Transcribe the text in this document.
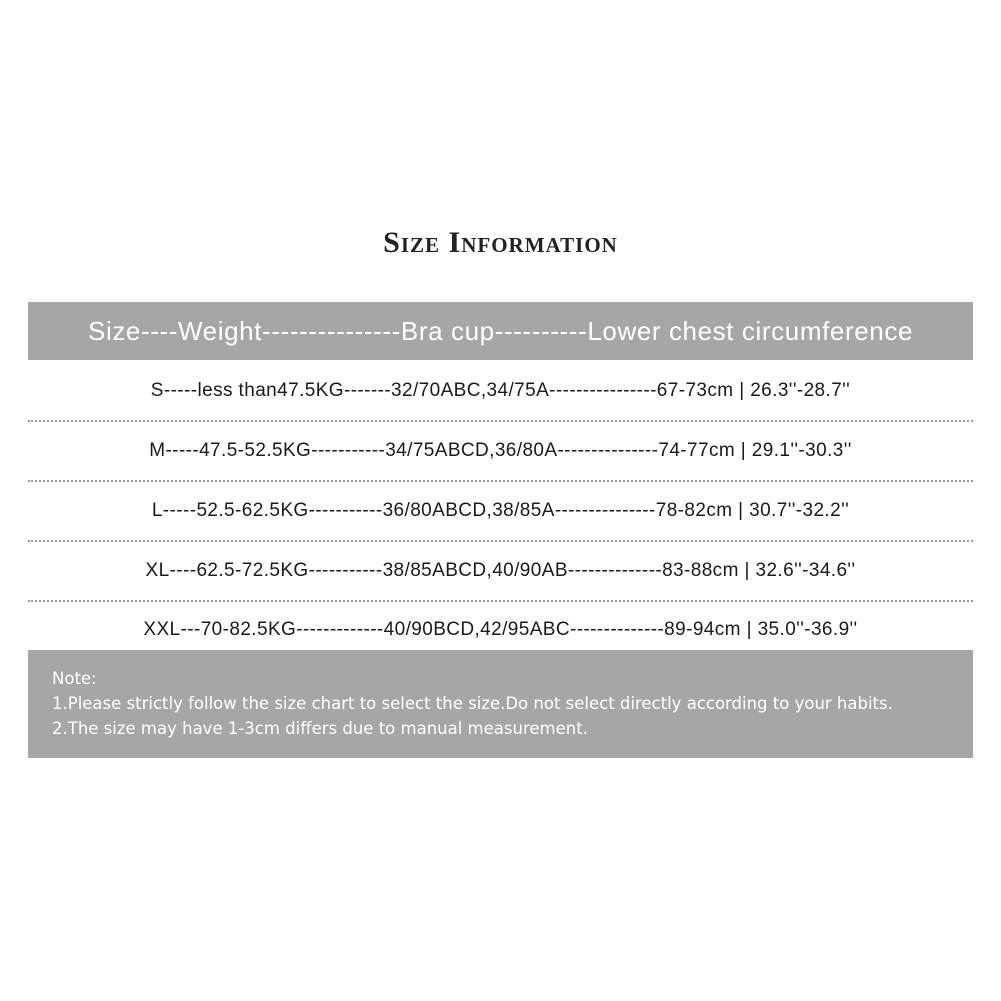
Size Information
Size----Weight---------------Bra cup----------Lower chest circumference
S-----less than47.5KG-------32/70ABC,34/75A----------------67-73cm | 26.3''-28.7''
M-----47.5-52.5KG-----------34/75ABCD,36/80A---------------74-77cm | 29.1''-30.3''
L-----52.5-62.5KG-----------36/80ABCD,38/85A---------------78-82cm | 30.7''-32.2''
XL----62.5-72.5KG-----------38/85ABCD,40/90AB--------------83-88cm | 32.6''-34.6''
XXL---70-82.5KG-------------40/90BCD,42/95ABC--------------89-94cm | 35.0''-36.9''
Note:
1.Please strictly follow the size chart to select the size.Do not select directly according to your habits.
2.The size may have 1-3cm differs due to manual measurement.
